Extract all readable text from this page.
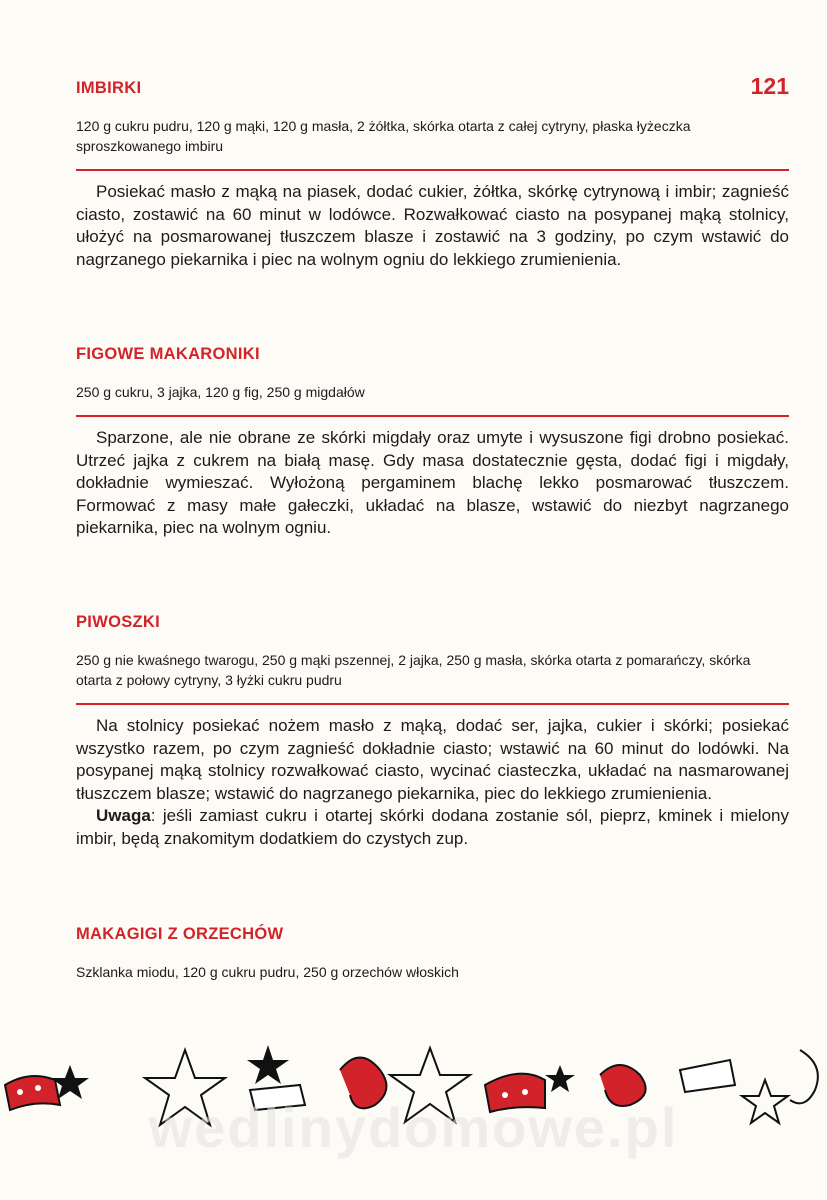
121
IMBIRKI

120 g cukru pudru, 120 g mąki, 120 g masła, 2 żółtka, skórka otarta z całej cytryny, płaska łyżeczka sproszkowanego imbiru

Posiekać masło z mąką na piasek, dodać cukier, żółtka, skórkę cytrynową i imbir; zagnieść ciasto, zostawić na 60 minut w lodówce. Rozwałkować ciasto na posypanej mąką stolnicy, ułożyć na posmarowanej tłuszczem blasze i zostawić na 3 godziny, po czym wstawić do nagrzanego piekarnika i piec na wolnym ogniu do lekkiego zrumienienia.

FIGOWE MAKARONIKI

250 g cukru, 3 jajka, 120 g fig, 250 g migdałów

Sparzone, ale nie obrane ze skórki migdały oraz umyte i wysuszone figi drobno posiekać. Utrzeć jajka z cukrem na białą masę. Gdy masa dostatecznie gęsta, dodać figi i migdały, dokładnie wymieszać. Wyłożoną pergaminem blachę lekko posmarować tłuszczem. Formować z masy małe gałeczki, układać na blasze, wstawić do niezbyt nagrzanego piekarnika, piec na wolnym ogniu.

PIWOSZKI

250 g nie kwaśnego twarogu, 250 g mąki pszennej, 2 jajka, 250 g masła, skórka otarta z pomarańczy, skórka otarta z połowy cytryny, 3 łyżki cukru pudru

Na stolnicy posiekać nożem masło z mąką, dodać ser, jajka, cukier i skórki; posiekać wszystko razem, po czym zagnieść dokładnie ciasto; wstawić na 60 minut do lodówki. Na posypanej mąką stolnicy rozwałkować ciasto, wycinać ciasteczka, układać na nasmarowanej tłuszczem blasze; wstawić do nagrzanego piekarnika, piec do lekkiego zrumienienia.

Uwaga: jeśli zamiast cukru i otartej skórki dodana zostanie sól, pieprz, kminek i mielony imbir, będą znakomitym dodatkiem do czystych zup.

MAKAGIGI Z ORZECHÓW

Szklanka miodu, 120 g cukru pudru, 250 g orzechów włoskich

wedlinydomowe.pl
